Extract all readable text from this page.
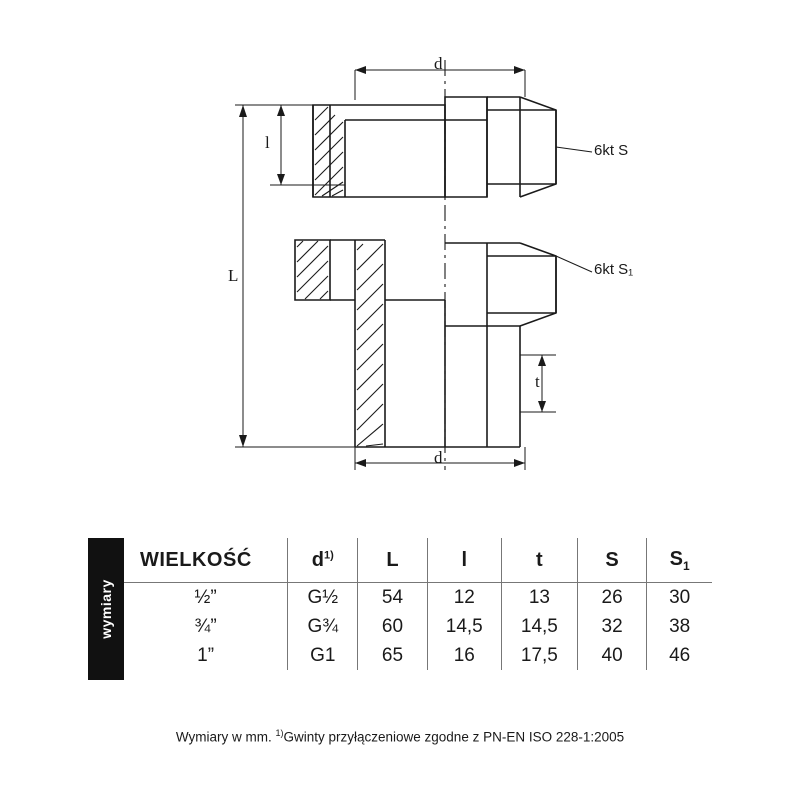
d
d
l
L
t
6kt S
6kt S₁
wymiary
WIELKOŚĆ	$d^{1)}$	L	l	t	S	$S_1$
½”	G½	54	12	13	26	30
¾”	G¾	60	14,5	14,5	32	38
1”	G1	65	16	17,5	40	46
Wymiary w mm. $^{1)}$Gwinty przyłączeniowe zgodne z PN-EN ISO 228-1:2005
